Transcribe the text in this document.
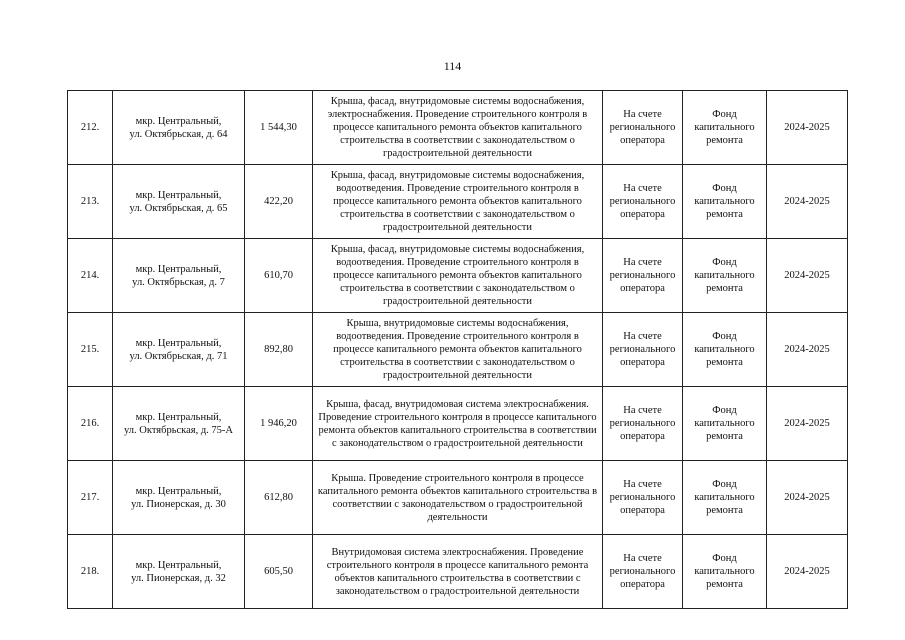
114
212.	мкр. Центральный,
ул. Октябрьская, д. 64	1 544,30	Крыша, фасад, внутридомовые системы водоснабжения, электроснабжения. Проведение строительного контроля в процессе капитального ремонта объектов капитального строительства в соответствии с законодательством о градостроительной деятельности	На счете регионального оператора	Фонд капитального ремонта	2024-2025
213.	мкр. Центральный,
ул. Октябрьская, д. 65	422,20	Крыша, фасад, внутридомовые системы водоснабжения, водоотведения. Проведение строительного контроля в процессе капитального ремонта объектов капитального строительства в соответствии с законодательством о градостроительной деятельности	На счете регионального оператора	Фонд капитального ремонта	2024-2025
214.	мкр. Центральный,
ул. Октябрьская, д. 7	610,70	Крыша, фасад, внутридомовые системы водоснабжения, водоотведения. Проведение строительного контроля в процессе капитального ремонта объектов капитального строительства в соответствии с законодательством о градостроительной деятельности	На счете регионального оператора	Фонд капитального ремонта	2024-2025
215.	мкр. Центральный,
ул. Октябрьская, д. 71	892,80	Крыша, внутридомовые системы водоснабжения, водоотведения. Проведение строительного контроля в процессе капитального ремонта объектов капитального строительства в соответствии с законодательством о градостроительной деятельности	На счете регионального оператора	Фонд капитального ремонта	2024-2025
216.	мкр. Центральный,
ул. Октябрьская, д. 75-А	1 946,20	Крыша, фасад, внутридомовая система электроснабжения. Проведение строительного контроля в процессе капитального ремонта объектов капитального строительства в соответствии с законодательством о градостроительной деятельности	На счете регионального оператора	Фонд капитального ремонта	2024-2025
217.	мкр. Центральный,
ул. Пионерская, д. 30	612,80	Крыша. Проведение строительного контроля в процессе капитального ремонта объектов капитального строительства в соответствии с законодательством о градостроительной деятельности	На счете регионального оператора	Фонд капитального ремонта	2024-2025
218.	мкр. Центральный,
ул. Пионерская, д. 32	605,50	Внутридомовая система электроснабжения. Проведение строительного контроля в процессе капитального ремонта объектов капитального строительства в соответствии с законодательством о градостроительной деятельности	На счете регионального оператора	Фонд капитального ремонта	2024-2025
